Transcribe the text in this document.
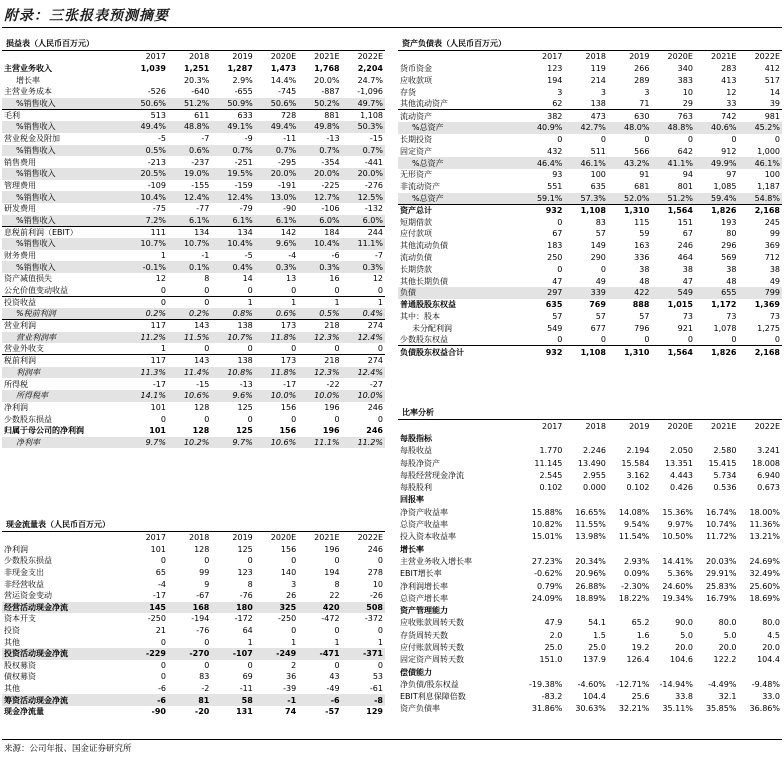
附录：三张报表预测摘要
损益表（人民币百万元）
	2017	2018	2019	2020E	2021E	2022E
主营业务收入	1,039	1,251	1,287	1,473	1,768	2,204
增长率		20.3%	2.9%	14.4%	20.0%	24.7%
主营业务成本	-526	-640	-655	-745	-887	-1,096
%销售收入	50.6%	51.2%	50.9%	50.6%	50.2%	49.7%
毛利	513	611	633	728	881	1,108
%销售收入	49.4%	48.8%	49.1%	49.4%	49.8%	50.3%
营业税金及附加	-5	-7	-9	-11	-13	-15
%销售收入	0.5%	0.6%	0.7%	0.7%	0.7%	0.7%
销售费用	-213	-237	-251	-295	-354	-441
%销售收入	20.5%	19.0%	19.5%	20.0%	20.0%	20.0%
管理费用	-109	-155	-159	-191	-225	-276
%销售收入	10.4%	12.4%	12.4%	13.0%	12.7%	12.5%
研发费用	-75	-77	-79	-90	-106	-132
%销售收入	7.2%	6.1%	6.1%	6.1%	6.0%	6.0%
息税前利润（EBIT）	111	134	134	142	184	244
%销售收入	10.7%	10.7%	10.4%	9.6%	10.4%	11.1%
财务费用	1	-1	-5	-4	-6	-7
%销售收入	-0.1%	0.1%	0.4%	0.3%	0.3%	0.3%
资产减值损失	12	8	14	13	16	12
公允价值变动收益	0	0	0	0	0	0
投资收益	0	0	1	1	1	1
%税前利润	0.2%	0.2%	0.8%	0.6%	0.5%	0.4%
营业利润	117	143	138	173	218	274
营业利润率	11.2%	11.5%	10.7%	11.8%	12.3%	12.4%
营业外收支	1	0	0	0	0	0
税前利润	117	143	138	173	218	274
利润率	11.3%	11.4%	10.8%	11.8%	12.3%	12.4%
所得税	-17	-15	-13	-17	-22	-27
所得税率	14.1%	10.6%	9.6%	10.0%	10.0%	10.0%
净利润	101	128	125	156	196	246
少数股东损益	0	0	0	0	0	0
归属于母公司的净利润	101	128	125	156	196	246
净利率	9.7%	10.2%	9.7%	10.6%	11.1%	11.2%
现金流量表（人民币百万元）
	2017	2018	2019	2020E	2021E	2022E
净利润	101	128	125	156	196	246
少数股东损益	0	0	0	0	0	0
非现金支出	65	99	123	140	194	278
非经营收益	-4	9	8	3	8	10
营运资金变动	-17	-67	-76	26	22	-26
经营活动现金净流	145	168	180	325	420	508
资本开支	-250	-194	-172	-250	-472	-372
投资	21	-76	64	0	0	0
其他	0	0	1	1	1	1
投资活动现金净流	-229	-270	-107	-249	-471	-371
股权募资	0	0	0	2	0	0
债权募资	0	83	69	36	43	53
其他	-6	-2	-11	-39	-49	-61
筹资活动现金净流	-6	81	58	-1	-6	-8
现金净流量	-90	-20	131	74	-57	129
资产负债表（人民币百万元）
	2017	2018	2019	2020E	2021E	2022E
货币资金	123	119	266	340	283	412
应收款项	194	214	289	383	413	517
存货	3	3	3	10	12	14
其他流动资产	62	138	71	29	33	39
流动资产	382	473	630	763	742	981
%总资产	40.9%	42.7%	48.0%	48.8%	40.6%	45.2%
长期投资	0	0	0	0	0	0
固定资产	432	511	566	642	912	1,000
%总资产	46.4%	46.1%	43.2%	41.1%	49.9%	46.1%
无形资产	93	100	91	94	97	100
非流动资产	551	635	681	801	1,085	1,187
%总资产	59.1%	57.3%	52.0%	51.2%	59.4%	54.8%
资产总计	932	1,108	1,310	1,564	1,826	2,168
短期借款	0	83	115	151	193	245
应付款项	67	57	59	67	80	99
其他流动负债	183	149	163	246	296	369
流动负债	250	290	336	464	569	712
长期贷款	0	0	38	38	38	38
其他长期负债	47	49	48	47	48	49
负债	297	339	422	549	655	799
普通股股东权益	635	769	888	1,015	1,172	1,369
其中：股本	57	57	57	73	73	73
未分配利润	549	677	796	921	1,078	1,275
少数股东权益	0	0	0	0	0	0
负债股东权益合计	932	1,108	1,310	1,564	1,826	2,168
比率分析
	2017	2018	2019	2020E	2021E	2022E
每股指标						
每股收益	1.770	2.246	2.194	2.050	2.580	3.241
每股净资产	11.145	13.490	15.584	13.351	15.415	18.008
每股经营现金净流	2.545	2.955	3.162	4.443	5.734	6.940
每股股利	0.102	0.000	0.102	0.426	0.536	0.673
回报率						
净资产收益率	15.88%	16.65%	14.08%	15.36%	16.74%	18.00%
总资产收益率	10.82%	11.55%	9.54%	9.97%	10.74%	11.36%
投入资本收益率	15.01%	13.98%	11.54%	10.50%	11.72%	13.21%
增长率						
主营业务收入增长率	27.23%	20.34%	2.93%	14.41%	20.03%	24.69%
EBIT增长率	-0.62%	20.96%	0.09%	5.36%	29.91%	32.49%
净利润增长率	0.79%	26.88%	-2.30%	24.60%	25.83%	25.60%
总资产增长率	24.09%	18.89%	18.22%	19.34%	16.79%	18.69%
资产管理能力						
应收账款周转天数	47.9	54.1	65.2	90.0	80.0	80.0
存货周转天数	2.0	1.5	1.6	5.0	5.0	4.5
应付账款周转天数	25.0	25.0	19.2	20.0	20.0	20.0
固定资产周转天数	151.0	137.9	126.4	104.6	122.2	104.4
偿债能力						
净负债/股东权益	-19.38%	-4.60%	-12.71%	-14.94%	-4.49%	-9.48%
EBIT利息保障倍数	-83.2	104.4	25.6	33.8	32.1	33.0
资产负债率	31.86%	30.63%	32.21%	35.11%	35.85%	36.86%
来源：公司年报、国金证券研究所
